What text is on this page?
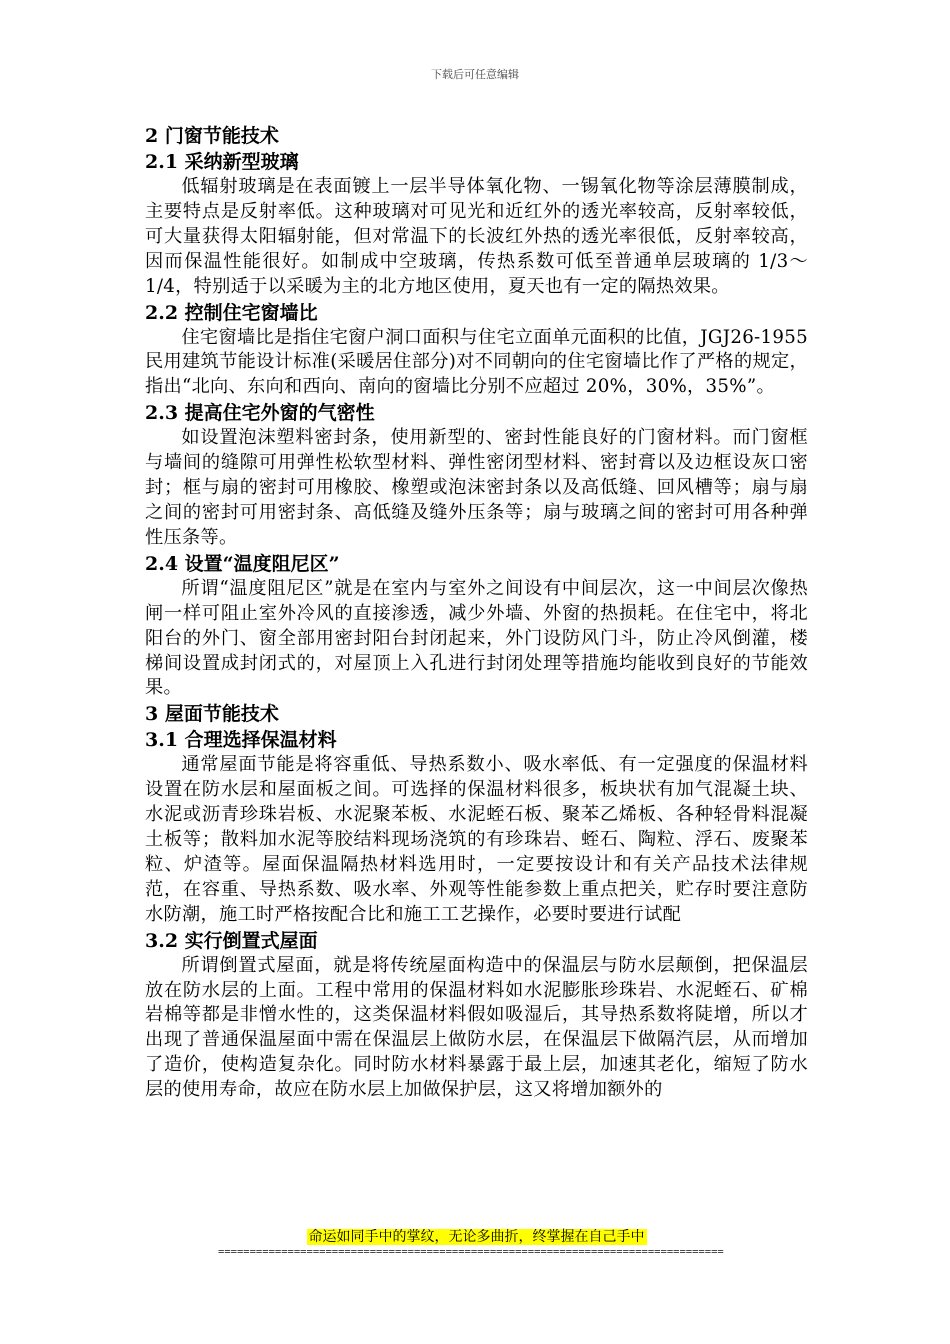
下载后可任意编辑

2 门窗节能技术

2.1 采纳新型玻璃

低辐射玻璃是在表面镀上一层半导体氧化物、一锡氧化物等涂层薄膜制成，主要特点是反射率低。这种玻璃对可见光和近红外的透光率较高，反射率较低，可大量获得太阳辐射能，但对常温下的长波红外热的透光率很低，反射率较高，因而保温性能很好。如制成中空玻璃，传热系数可低至普通单层玻璃的 1/3～1/4，特别适于以采暖为主的北方地区使用，夏天也有一定的隔热效果。

2.2 控制住宅窗墙比

住宅窗墙比是指住宅窗户洞口面积与住宅立面单元面积的比值，JGJ26-1955 民用建筑节能设计标准(采暖居住部分)对不同朝向的住宅窗墙比作了严格的规定，指出“北向、东向和西向、南向的窗墙比分别不应超过 20%，30%，35%”。

2.3 提高住宅外窗的气密性

如设置泡沫塑料密封条，使用新型的、密封性能良好的门窗材料。而门窗框与墙间的缝隙可用弹性松软型材料、弹性密闭型材料、密封膏以及边框设灰口密封；框与扇的密封可用橡胶、橡塑或泡沫密封条以及高低缝、回风槽等；扇与扇之间的密封可用密封条、高低缝及缝外压条等；扇与玻璃之间的密封可用各种弹性压条等。

2.4 设置“温度阻尼区”

所谓“温度阻尼区”就是在室内与室外之间设有中间层次，这一中间层次像热闸一样可阻止室外冷风的直接渗透，减少外墙、外窗的热损耗。在住宅中，将北阳台的外门、窗全部用密封阳台封闭起来，外门设防风门斗，防止冷风倒灌，楼梯间设置成封闭式的，对屋顶上入孔进行封闭处理等措施均能收到良好的节能效果。

3 屋面节能技术

3.1 合理选择保温材料

通常屋面节能是将容重低、导热系数小、吸水率低、有一定强度的保温材料设置在防水层和屋面板之间。可选择的保温材料很多，板块状有加气混凝土块、水泥或沥青珍珠岩板、水泥聚苯板、水泥蛭石板、聚苯乙烯板、各种轻骨料混凝土板等；散料加水泥等胶结料现场浇筑的有珍珠岩、蛭石、陶粒、浮石、废聚苯粒、炉渣等。屋面保温隔热材料选用时，一定要按设计和有关产品技术法律规范，在容重、导热系数、吸水率、外观等性能参数上重点把关，贮存时要注意防水防潮，施工时严格按配合比和施工工艺操作，必要时要进行试配

3.2 实行倒置式屋面

所谓倒置式屋面，就是将传统屋面构造中的保温层与防水层颠倒，把保温层放在防水层的上面。工程中常用的保温材料如水泥膨胀珍珠岩、水泥蛭石、矿棉岩棉等都是非憎水性的，这类保温材料假如吸湿后，其导热系数将陡增，所以才出现了普通保温屋面中需在保温层上做防水层，在保温层下做隔汽层，从而增加了造价，使构造复杂化。同时防水材料暴露于最上层，加速其老化，缩短了防水层的使用寿命，故应在防水层上加做保护层，这又将增加额外的

命运如同手中的掌纹，无论多曲折，终掌握在自己手中
================================================================================
